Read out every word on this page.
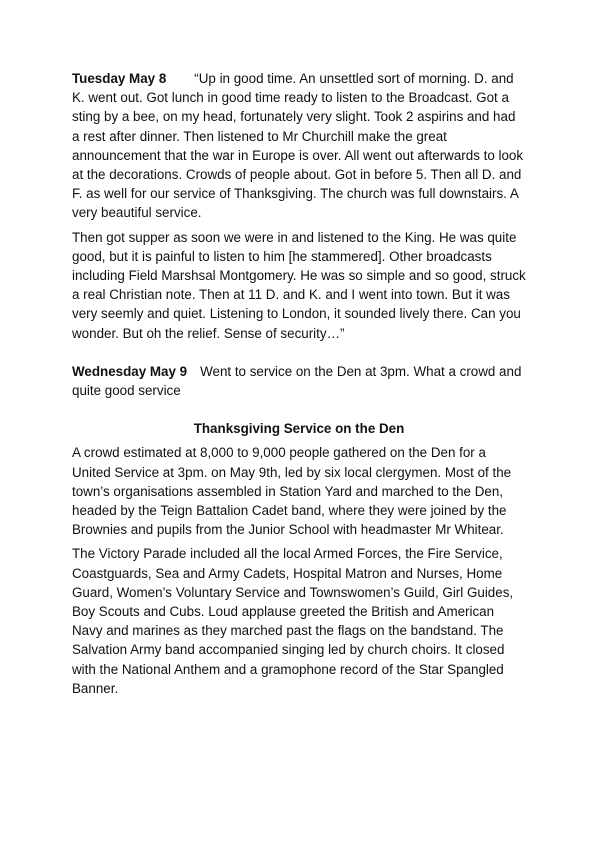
Tuesday May 8 “Up in good time. An unsettled sort of morning. D. and K. went out. Got lunch in good time ready to listen to the Broadcast. Got a sting by a bee, on my head, fortunately very slight. Took 2 aspirins and had a rest after dinner. Then listened to Mr Churchill make the great announcement that the war in Europe is over. All went out afterwards to look at the decorations. Crowds of people about. Got in before 5. Then all D. and F. as well for our service of Thanksgiving. The church was full downstairs. A very beautiful service.

Then got supper as soon we were in and listened to the King. He was quite good, but it is painful to listen to him [he stammered]. Other broadcasts including Field Marshsal Montgomery. He was so simple and so good, struck a real Christian note. Then at 11 D. and K. and I went into town. But it was very seemly and quiet. Listening to London, it sounded lively there. Can you wonder. But oh the relief. Sense of security…”

Wednesday May 9 Went to service on the Den at 3pm. What a crowd and quite good service

Thanksgiving Service on the Den

A crowd estimated at 8,000 to 9,000 people gathered on the Den for a United Service at 3pm. on May 9th, led by six local clergymen. Most of the town’s organisations assembled in Station Yard and marched to the Den, headed by the Teign Battalion Cadet band, where they were joined by the Brownies and pupils from the Junior School with headmaster Mr Whitear.

The Victory Parade included all the local Armed Forces, the Fire Service, Coastguards, Sea and Army Cadets, Hospital Matron and Nurses, Home Guard, Women’s Voluntary Service and Townswomen’s Guild, Girl Guides, Boy Scouts and Cubs. Loud applause greeted the British and American Navy and marines as they marched past the flags on the bandstand. The Salvation Army band accompanied singing led by church choirs. It closed with the National Anthem and a gramophone record of the Star Spangled Banner.
